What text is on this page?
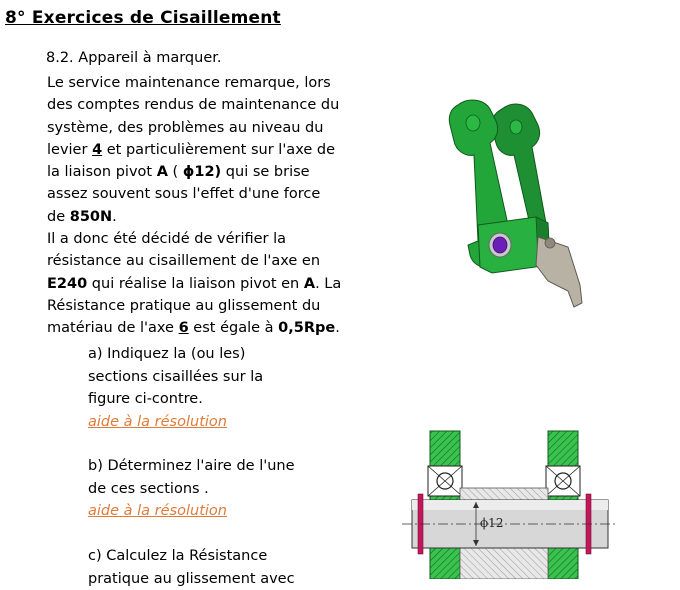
8° Exercices de Cisaillement
8.2. Appareil à marquer.

Le service maintenance remarque, lors

des comptes rendus de maintenance du

système, des problèmes au niveau du

levier 4 et particulièrement sur l'axe de

la liaison pivot A ( ϕ12) qui se brise

assez souvent sous l'effet d'une force

de 850N.

Il a donc été décidé de vérifier la

résistance au cisaillement de l'axe en

E240 qui réalise la liaison pivot en A. La

Résistance pratique au glissement du

matériau de l'axe 6 est égale à 0,5Rpe.

a) Indiquez la (ou les)

sections cisaillées sur la

figure ci-contre.

aide à la résolution

b) Déterminez l'aire de l'une

de ces sections .

aide à la résolution

c) Calculez la Résistance

pratique au glissement avec

ϕ12
